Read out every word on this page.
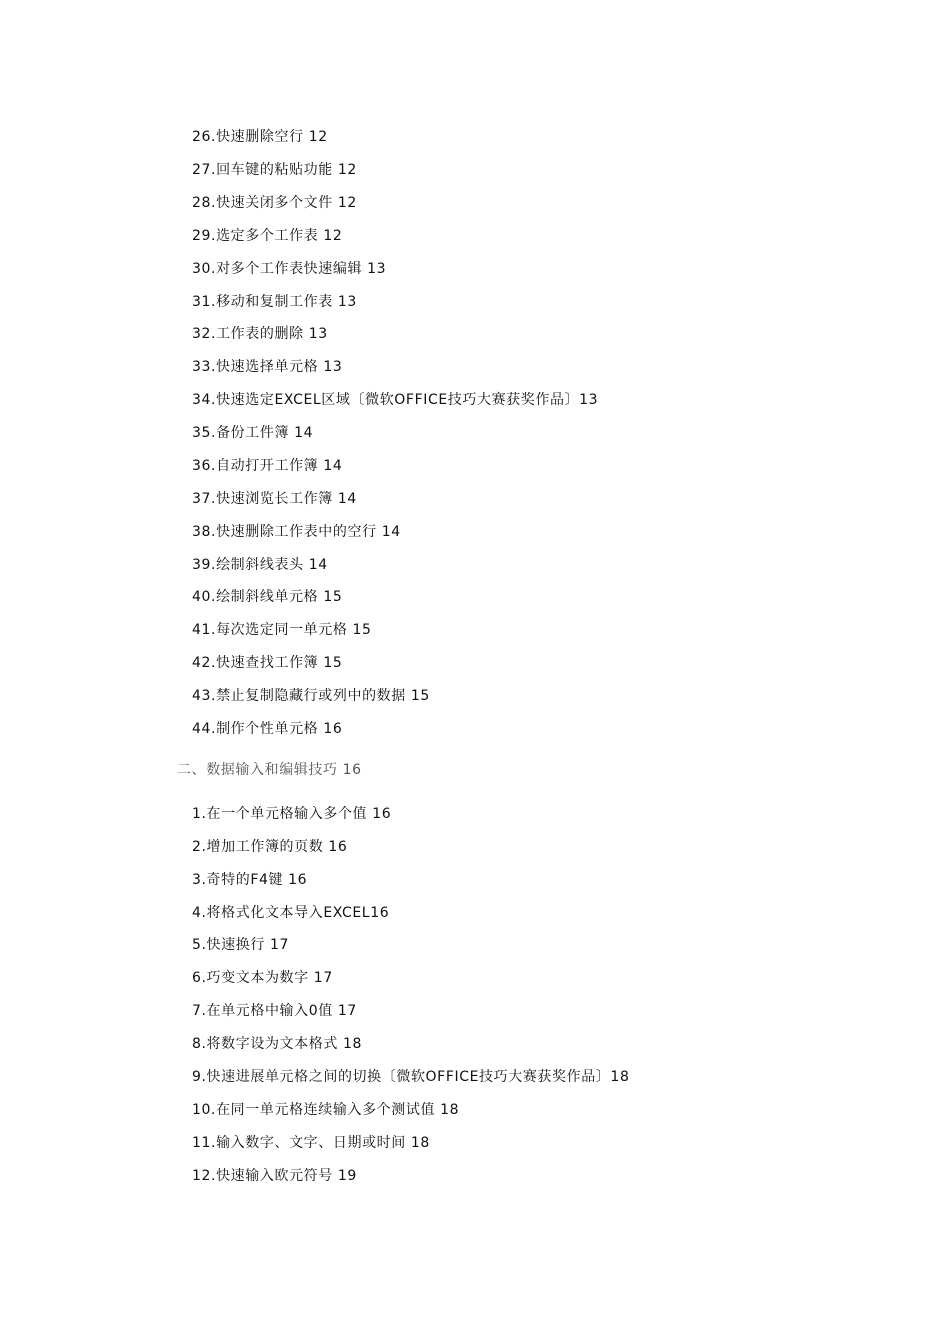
26.快速删除空行 12
27.回车键的粘贴功能 12
28.快速关闭多个文件 12
29.选定多个工作表 12
30.对多个工作表快速编辑 13
31.移动和复制工作表 13
32.工作表的删除 13
33.快速选择单元格 13
34.快速选定EXCEL区域〔微软OFFICE技巧大赛获奖作品〕13
35.备份工件簿 14
36.自动打开工作簿 14
37.快速浏览长工作簿 14
38.快速删除工作表中的空行 14
39.绘制斜线表头 14
40.绘制斜线单元格 15
41.每次选定同一单元格 15
42.快速查找工作簿 15
43.禁止复制隐藏行或列中的数据 15
44.制作个性单元格 16
二、数据输入和编辑技巧 16
1.在一个单元格输入多个值 16
2.增加工作簿的页数 16
3.奇特的F4键 16
4.将格式化文本导入EXCEL16
5.快速换行 17
6.巧变文本为数字 17
7.在单元格中输入0值 17
8.将数字设为文本格式 18
9.快速进展单元格之间的切换〔微软OFFICE技巧大赛获奖作品〕18
10.在同一单元格连续输入多个测试值 18
11.输入数字、文字、日期或时间 18
12.快速输入欧元符号 19
